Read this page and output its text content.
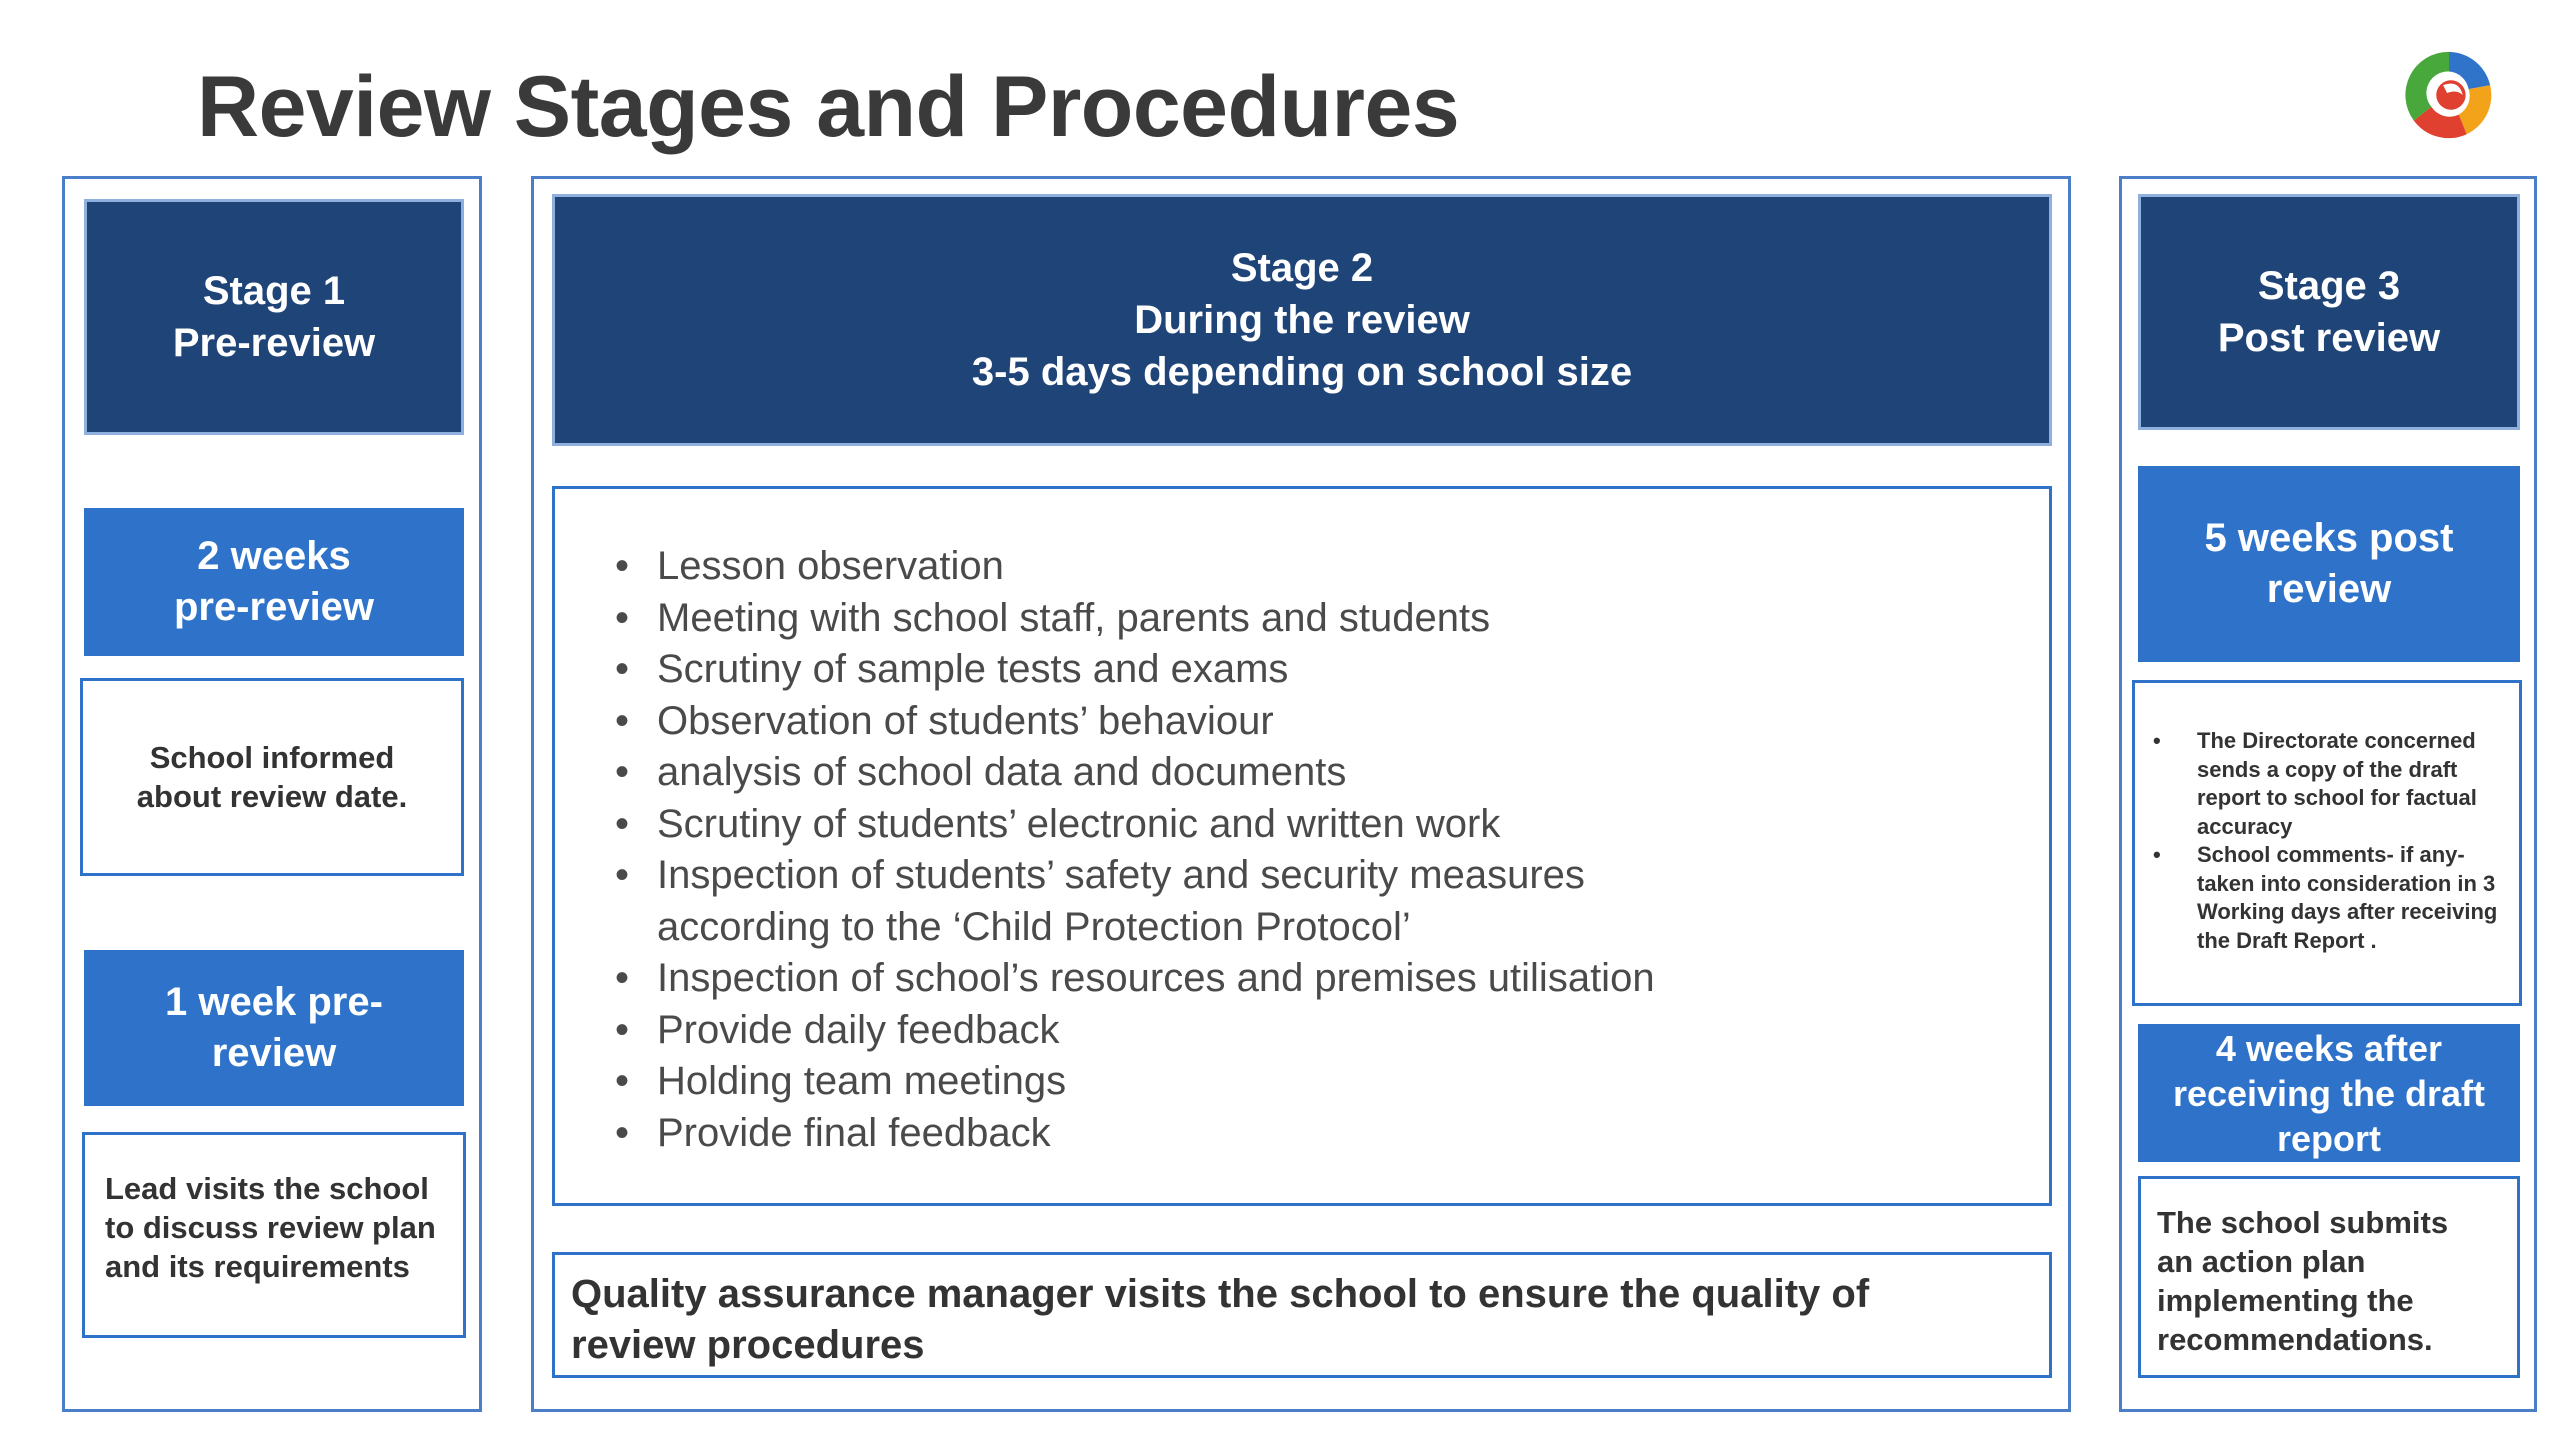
Review Stages and Procedures
Stage 1
Pre-review
2 weeks
pre-review
School informed
about review date.
1 week pre-
review
Lead visits the school
to discuss review plan
and its requirements
Stage 2
During the review
3-5 days depending on school size
• Lesson observation
• Meeting with school staff, parents and students
• Scrutiny of sample tests and exams
• Observation of students’ behaviour
• analysis of school data and documents
• Scrutiny of students’ electronic and written work
• Inspection of students’ safety and security measures according to the ‘Child Protection Protocol’
• Inspection of school’s resources and premises utilisation
• Provide daily feedback
• Holding team meetings
• Provide final feedback
Quality assurance manager visits the school to ensure the quality of
review procedures
Stage 3
Post review
5 weeks post
review
• The Directorate concerned sends a copy of the draft report to school for factual accuracy
• School comments- if any- taken into consideration in 3 Working days after receiving the Draft Report .
4 weeks after
receiving the draft
report
The school submits
an action plan
implementing the
recommendations.
